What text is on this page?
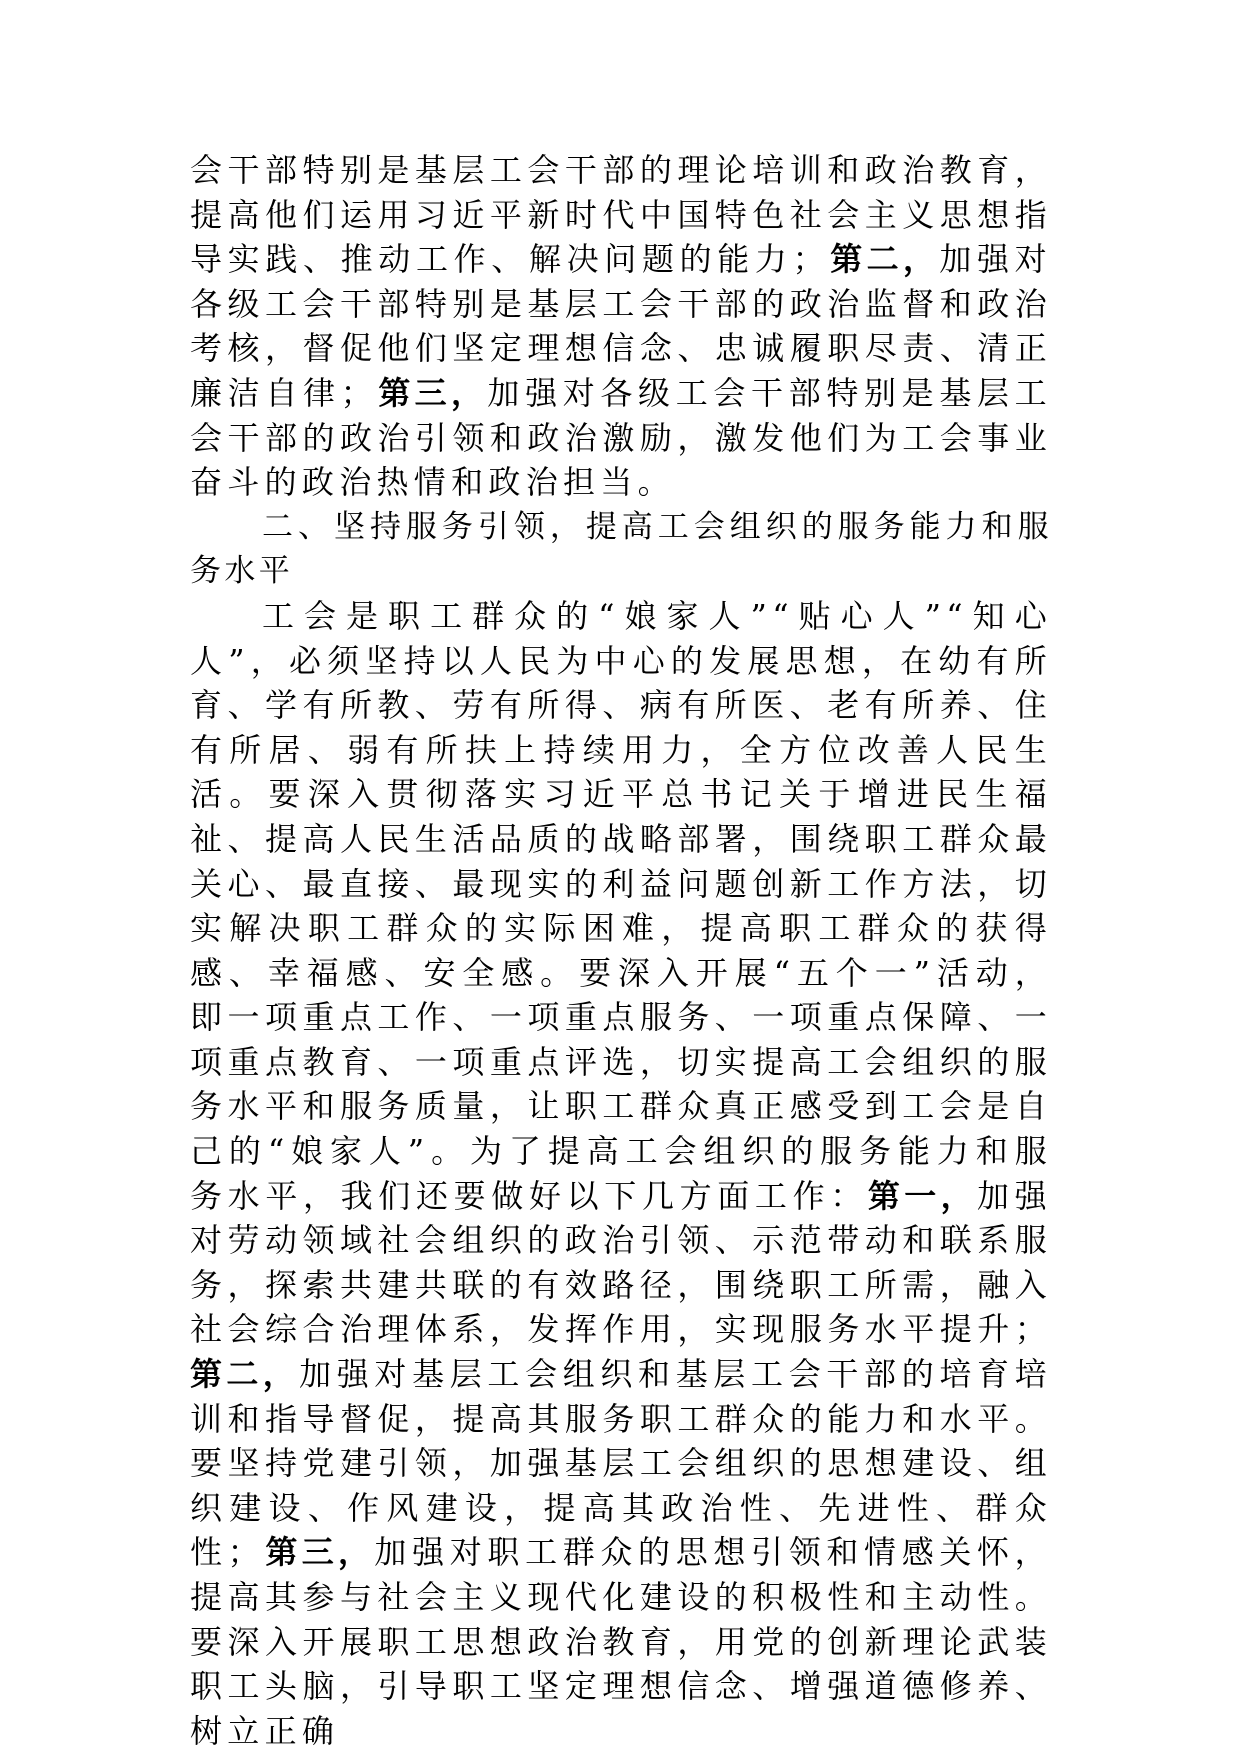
会干部特别是基层工会干部的理论培训和政治教育，提高他们运用习近平新时代中国特色社会主义思想指导实践、推动工作、解决问题的能力；第二，加强对各级工会干部特别是基层工会干部的政治监督和政治考核，督促他们坚定理想信念、忠诚履职尽责、清正廉洁自律；第三，加强对各级工会干部特别是基层工会干部的政治引领和政治激励，激发他们为工会事业奋斗的政治热情和政治担当。

二、坚持服务引领，提高工会组织的服务能力和服务水平

工会是职工群众的“娘家人”“贴心人”“知心人”，必须坚持以人民为中心的发展思想，在幼有所育、学有所教、劳有所得、病有所医、老有所养、住有所居、弱有所扶上持续用力，全方位改善人民生活。要深入贯彻落实习近平总书记关于增进民生福祉、提高人民生活品质的战略部署，围绕职工群众最关心、最直接、最现实的利益问题创新工作方法，切实解决职工群众的实际困难，提高职工群众的获得感、幸福感、安全感。要深入开展“五个一”活动，即一项重点工作、一项重点服务、一项重点保障、一项重点教育、一项重点评选，切实提高工会组织的服务水平和服务质量，让职工群众真正感受到工会是自己的“娘家人”。为了提高工会组织的服务能力和服务水平，我们还要做好以下几方面工作：第一，加强对劳动领域社会组织的政治引领、示范带动和联系服务，探索共建共联的有效路径，围绕职工所需，融入社会综合治理体系，发挥作用，实现服务水平提升；第二，加强对基层工会组织和基层工会干部的培育培训和指导督促，提高其服务职工群众的能力和水平。要坚持党建引领，加强基层工会组织的思想建设、组织建设、作风建设，提高其政治性、先进性、群众性；第三，加强对职工群众的思想引领和情感关怀，提高其参与社会主义现代化建设的积极性和主动性。要深入开展职工思想政治教育，用党的创新理论武装职工头脑，引导职工坚定理想信念、增强道德修养、树立正确
